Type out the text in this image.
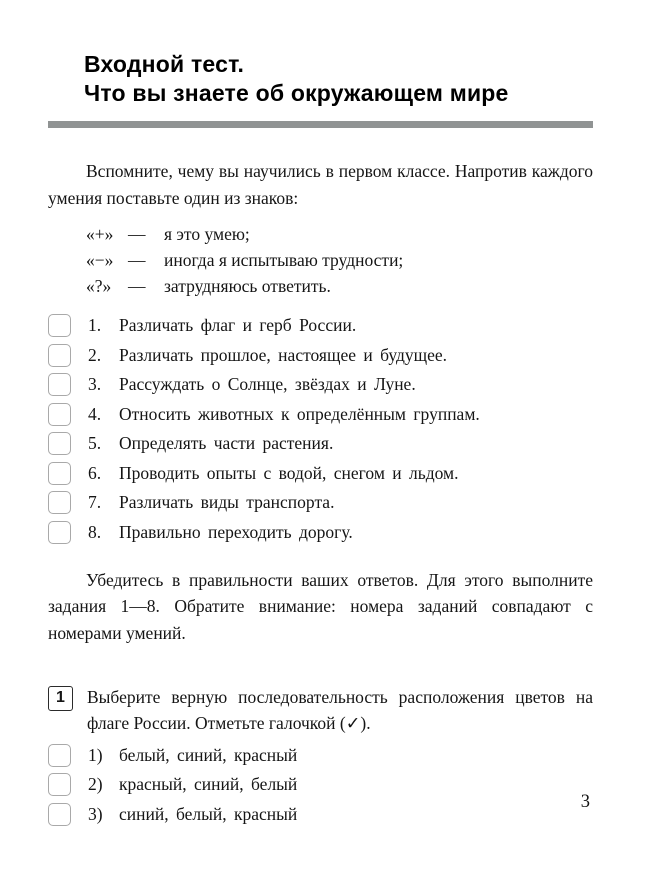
Входной тест.
Что вы знаете об окружающем мире

Вспомните, чему вы научились в первом классе. Напротив каждого умения поставьте один из знаков:

«+» —	я это умею;
«−» —	иногда я испытываю трудности;
«?» —	затрудняюсь ответить.
1.	Различать флаг и герб России.
2.	Различать прошлое, настоящее и будущее.
3.	Рассуждать о Солнце, звёздах и Луне.
4.	Относить животных к определённым группам.
5.	Определять части растения.
6.	Проводить опыты с водой, снегом и льдом.
7.	Различать виды транспорта.
8.	Правильно переходить дорогу.

Убедитесь в правильности ваших ответов. Для этого выполните задания 1—8. Обратите внимание: номера заданий совпадают с номерами умений.

1	Выберите верную последовательность расположения цветов на флаге России. Отметьте галочкой (✓).

1) белый, синий, красный
2) красный, синий, белый
3) синий, белый, красный
3
